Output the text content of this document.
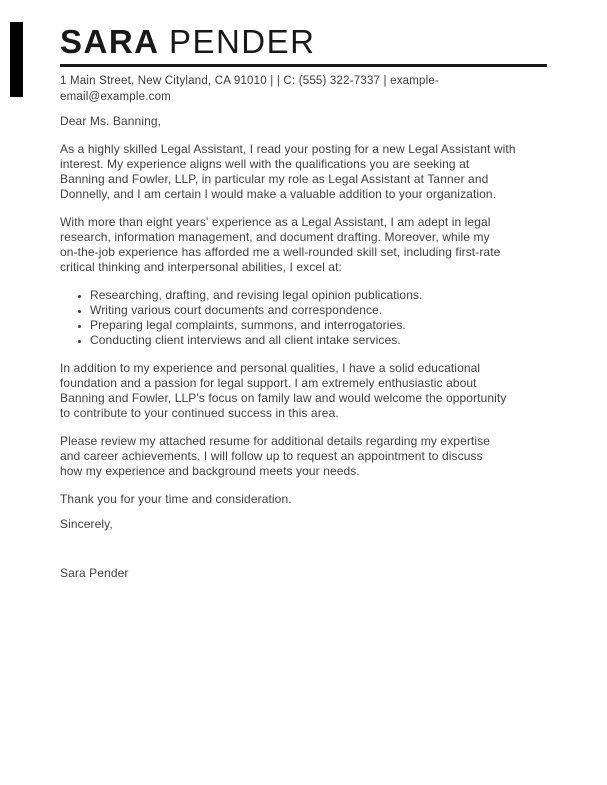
SARA PENDER
1 Main Street, New Cityland, CA 91010 | | C: (555) 322-7337 | example-
email@example.com

Dear Ms. Banning,

As a highly skilled Legal Assistant, I read your posting for a new Legal Assistant with
interest. My experience aligns well with the qualifications you are seeking at
Banning and Fowler, LLP, in particular my role as Legal Assistant at Tanner and
Donnelly, and I am certain I would make a valuable addition to your organization.

With more than eight years' experience as a Legal Assistant, I am adept in legal
research, information management, and document drafting. Moreover, while my
on-the-job experience has afforded me a well-rounded skill set, including first-rate
critical thinking and interpersonal abilities, I excel at:

• Researching, drafting, and revising legal opinion publications.
• Writing various court documents and correspondence.
• Preparing legal complaints, summons, and interrogatories.
• Conducting client interviews and all client intake services.

In addition to my experience and personal qualities, I have a solid educational
foundation and a passion for legal support. I am extremely enthusiastic about
Banning and Fowler, LLP's focus on family law and would welcome the opportunity
to contribute to your continued success in this area.

Please review my attached resume for additional details regarding my expertise
and career achievements. I will follow up to request an appointment to discuss
how my experience and background meets your needs.

Thank you for your time and consideration.

Sincerely,

Sara Pender
